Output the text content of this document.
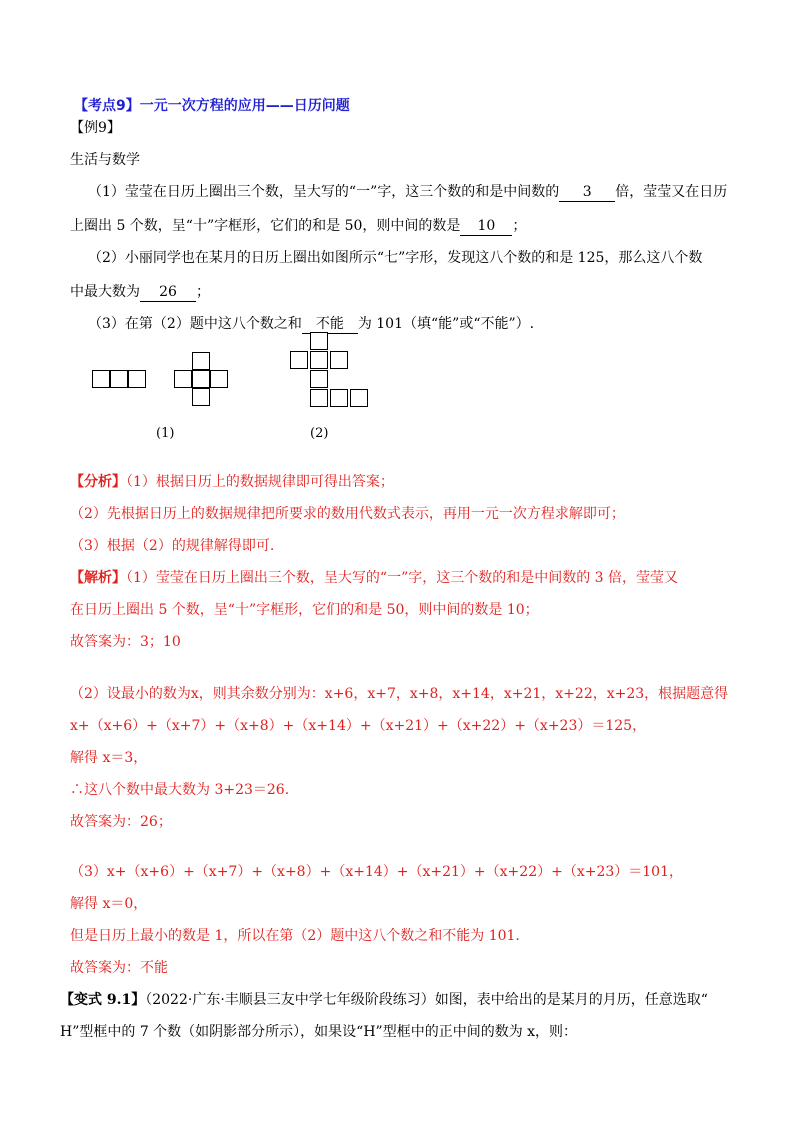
【考点9】一元一次方程的应用——日历问题
【例9】
生活与数学
（1）莹莹在日历上圈出三个数，呈大写的“一”字，这三个数的和是中间数的 3 倍，莹莹又在日历
上圈出 5 个数，呈“十”字框形，它们的和是 50，则中间的数是 10 ；
（2）小丽同学也在某月的日历上圈出如图所示“七”字形，发现这八个数的和是 125，那么这八个数
中最大数为 26 ；
（3）在第（2）题中这八个数之和 不能 为 101（填“能”或“不能”）.
(1)	(2)
【分析】（1）根据日历上的数据规律即可得出答案；
（2）先根据日历上的数据规律把所要求的数用代数式表示，再用一元一次方程求解即可；
（3）根据（2）的规律解得即可.
【解析】（1）莹莹在日历上圈出三个数，呈大写的“一”字，这三个数的和是中间数的 3 倍，莹莹又
在日历上圈出 5 个数，呈“十”字框形，它们的和是 50，则中间的数是 10；
故答案为：3；10
（2）设最小的数为x，则其余数分别为：x+6，x+7，x+8，x+14，x+21，x+22，x+23，根据题意得
x+（x+6）+（x+7）+（x+8）+（x+14）+（x+21）+（x+22）+（x+23）＝125，
解得 x＝3，
∴这八个数中最大数为 3+23＝26.
故答案为：26；
（3）x+（x+6）+（x+7）+（x+8）+（x+14）+（x+21）+（x+22）+（x+23）＝101，
解得 x＝0，
但是日历上最小的数是 1，所以在第（2）题中这八个数之和不能为 101.
故答案为：不能
【变式 9.1】（2022·广东·丰顺县三友中学七年级阶段练习）如图，表中给出的是某月的月历，任意选取“
H”型框中的 7 个数（如阴影部分所示），如果设“H”型框中的正中间的数为 x，则：
